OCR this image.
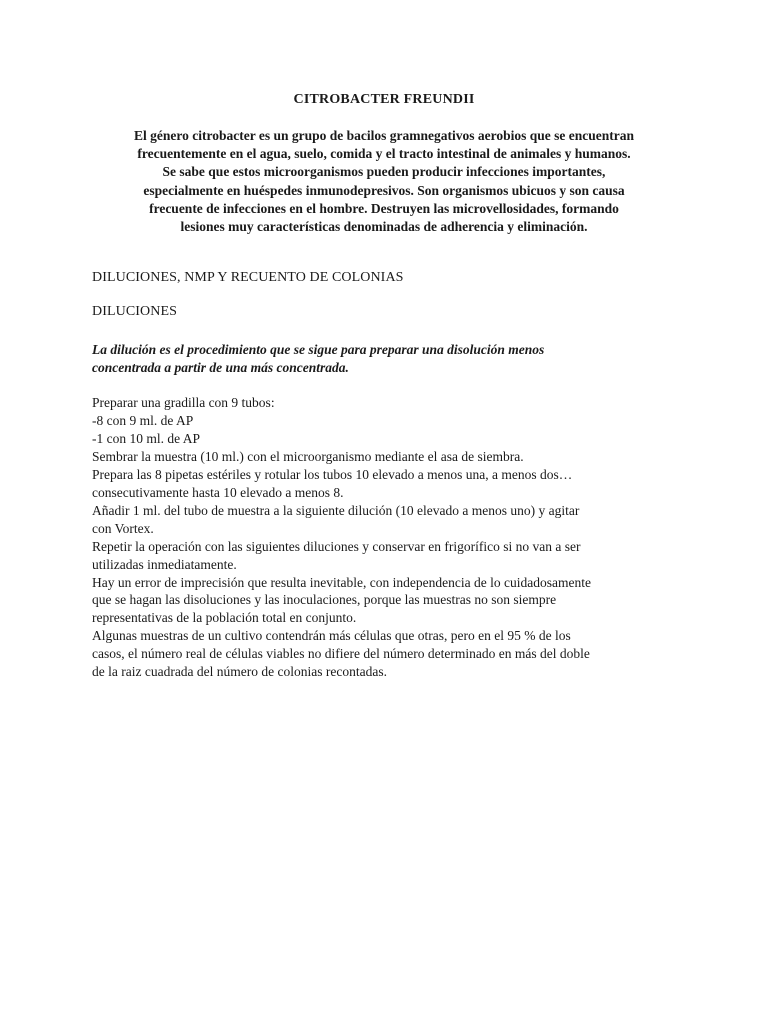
CITROBACTER FREUNDII
El género citrobacter es un grupo de bacilos gramnegativos aerobios que se encuentran
frecuentemente en el agua, suelo, comida y el tracto intestinal de animales y humanos.
Se sabe que estos microorganismos pueden producir infecciones importantes,
especialmente en huéspedes inmunodepresivos. Son organismos ubicuos y son causa
frecuente de infecciones en el hombre. Destruyen las microvellosidades, formando
lesiones muy características denominadas de adherencia y eliminación.
DILUCIONES, NMP Y RECUENTO DE COLONIAS
DILUCIONES
La dilución es el procedimiento que se sigue para preparar una disolución menos
concentrada a partir de una más concentrada.
Preparar una gradilla con 9 tubos:
-8 con 9 ml. de AP
-1 con 10 ml. de AP
Sembrar la muestra (10 ml.) con el microorganismo mediante el asa de siembra.
Prepara las 8 pipetas estériles y rotular los tubos 10 elevado a menos una, a menos dos…
consecutivamente hasta 10 elevado a menos 8.
Añadir 1 ml. del tubo de muestra a la siguiente dilución (10 elevado a menos uno) y agitar
con Vortex.
Repetir la operación con las siguientes diluciones y conservar en frigorífico si no van a ser
utilizadas inmediatamente.
Hay un error de imprecisión que resulta inevitable, con independencia de lo cuidadosamente
que se hagan las disoluciones y las inoculaciones, porque las muestras no son siempre
representativas de la población total en conjunto.
Algunas muestras de un cultivo contendrán más células que otras, pero en el 95 % de los
casos, el número real de células viables no difiere del número determinado en más del doble
de la raiz cuadrada del número de colonias recontadas.
